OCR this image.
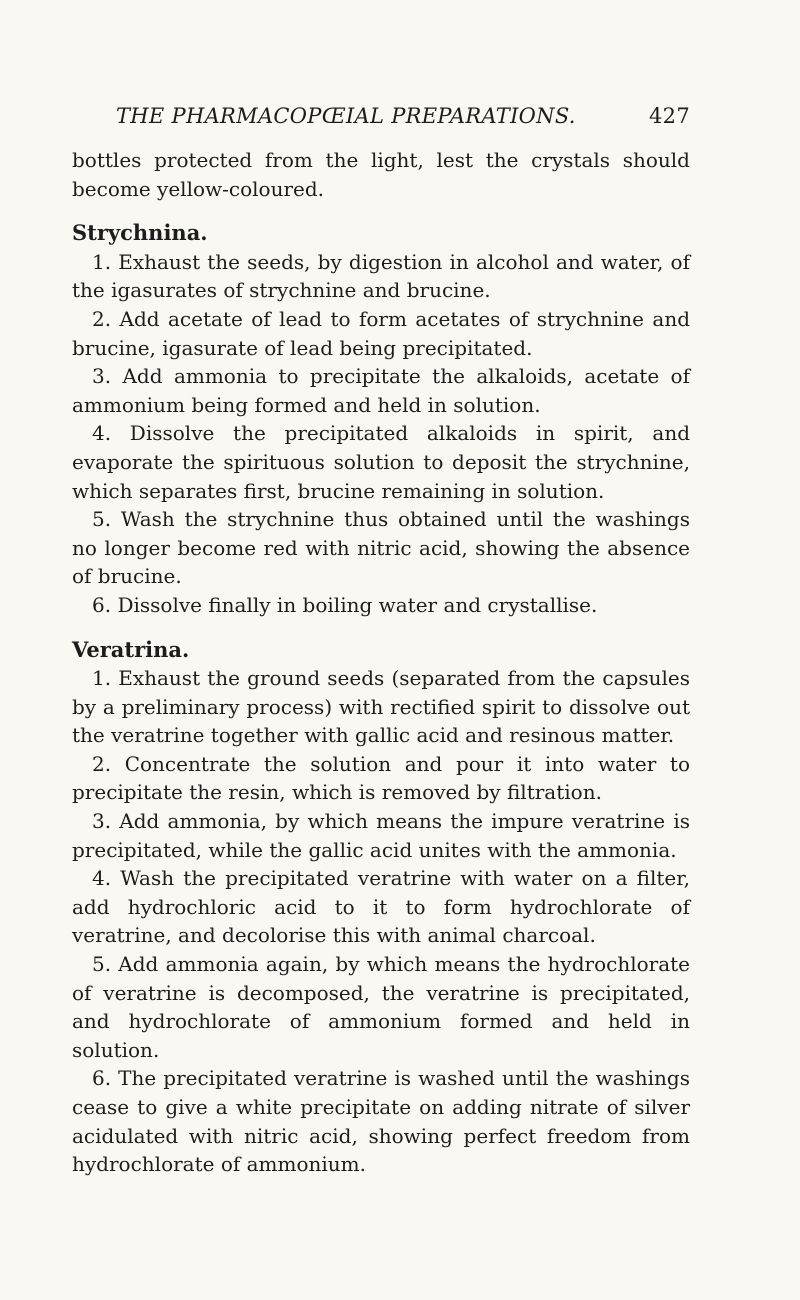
THE PHARMACOPŒIAL PREPARATIONS.	427

bottles protected from the light, lest the crystals should become yellow-coloured.

Strychnina.

1. Exhaust the seeds, by digestion in alcohol and water, of the igasurates of strychnine and brucine.

2. Add acetate of lead to form acetates of strychnine and brucine, igasurate of lead being precipitated.

3. Add ammonia to precipitate the alkaloids, acetate of ammonium being formed and held in solution.

4. Dissolve the precipitated alkaloids in spirit, and evaporate the spirituous solution to deposit the strychnine, which separates first, brucine remaining in solution.

5. Wash the strychnine thus obtained until the washings no longer become red with nitric acid, showing the absence of brucine.

6. Dissolve finally in boiling water and crystallise.

Veratrina.

1. Exhaust the ground seeds (separated from the capsules by a preliminary process) with rectified spirit to dissolve out the veratrine together with gallic acid and resinous matter.

2. Concentrate the solution and pour it into water to precipitate the resin, which is removed by filtration.

3. Add ammonia, by which means the impure veratrine is precipitated, while the gallic acid unites with the ammonia.

4. Wash the precipitated veratrine with water on a filter, add hydrochloric acid to it to form hydrochlorate of veratrine, and decolorise this with animal charcoal.

5. Add ammonia again, by which means the hydrochlorate of veratrine is decomposed, the veratrine is precipitated, and hydrochlorate of ammonium formed and held in solution.

6. The precipitated veratrine is washed until the washings cease to give a white precipitate on adding nitrate of silver acidulated with nitric acid, showing perfect freedom from hydrochlorate of ammonium.
